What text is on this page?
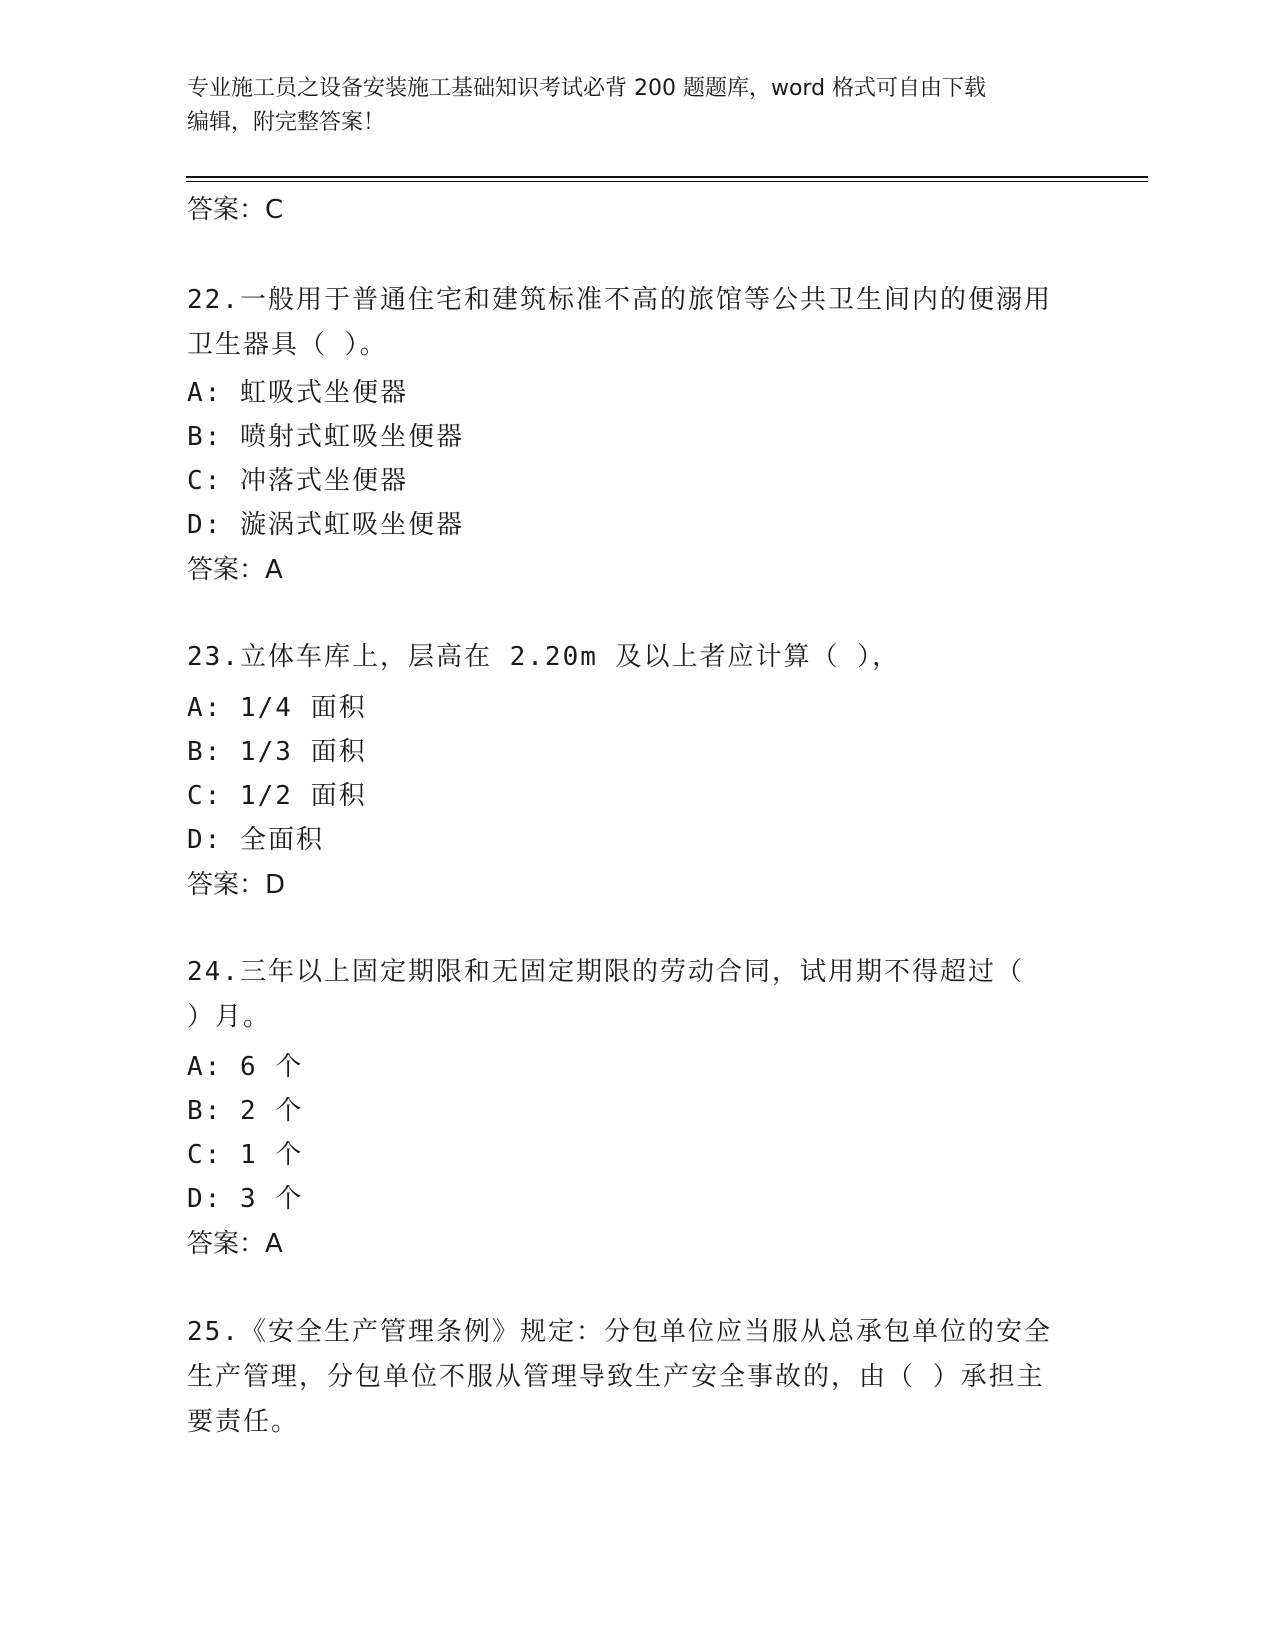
专业施工员之设备安装施工基础知识考试必背 200 题题库，word 格式可自由下载
编辑，附完整答案！
答案：C
22.一般用于普通住宅和建筑标准不高的旅馆等公共卫生间内的便溺用
卫生器具（ ）。
A: 虹吸式坐便器
B: 喷射式虹吸坐便器
C: 冲落式坐便器
D: 漩涡式虹吸坐便器
答案：A
23.立体车库上，层高在 2.20m 及以上者应计算（ ），
A: 1/4 面积
B: 1/3 面积
C: 1/2 面积
D: 全面积
答案：D
24.三年以上固定期限和无固定期限的劳动合同，试用期不得超过（
）月。
A: 6 个
B: 2 个
C: 1 个
D: 3 个
答案：A
25.《安全生产管理条例》规定：分包单位应当服从总承包单位的安全
生产管理，分包单位不服从管理导致生产安全事故的，由（ ）承担主
要责任。
